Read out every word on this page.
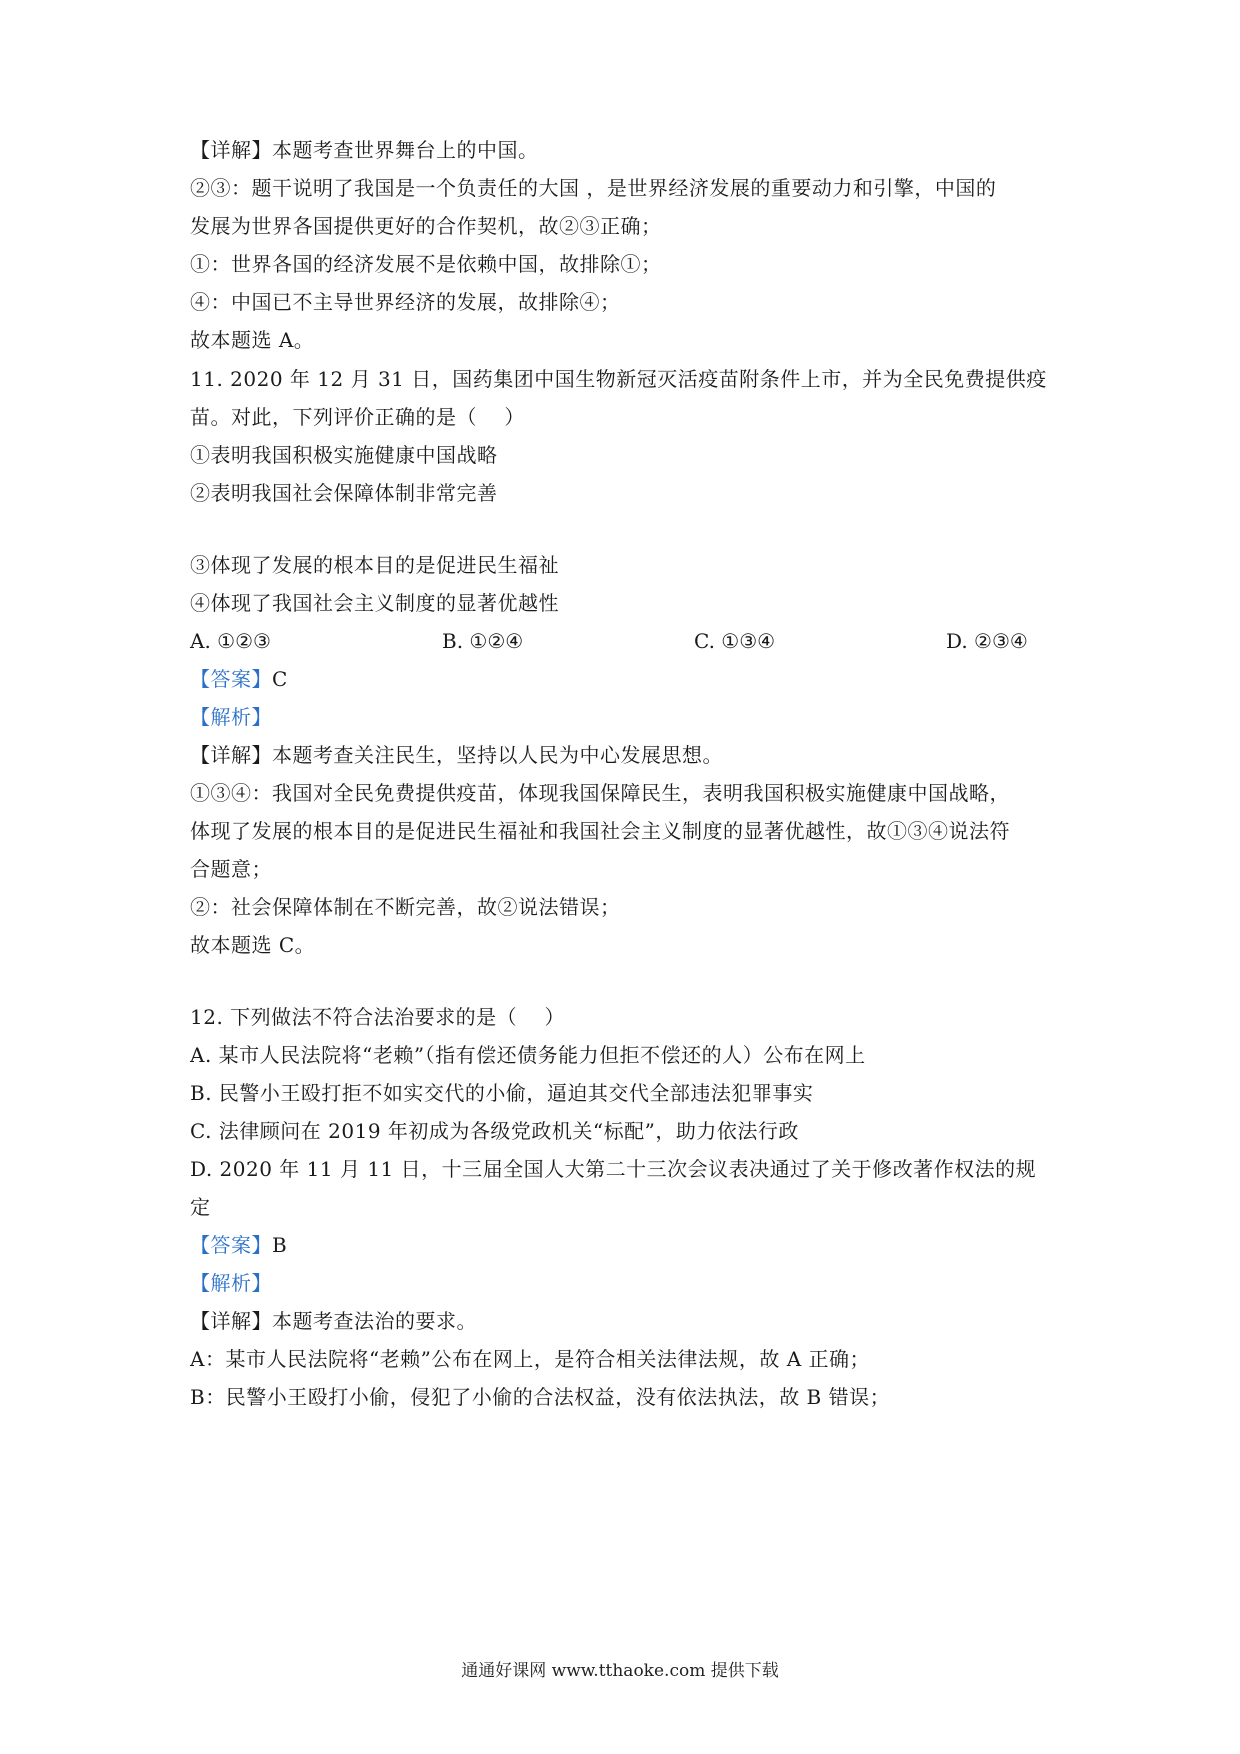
【详解】本题考查世界舞台上的中国。
②③：题干说明了我国是一个负责任的大国 ，是世界经济发展的重要动力和引擎，中国的
发展为世界各国提供更好的合作契机，故②③正确；
①：世界各国的经济发展不是依赖中国，故排除①；
④：中国已不主导世界经济的发展，故排除④；
故本题选 A。
11. 2020 年 12 月 31 日，国药集团中国生物新冠灭活疫苗附条件上市，并为全民免费提供疫
苗。对此，下列评价正确的是（　 ）
①表明我国积极实施健康中国战略
②表明我国社会保障体制非常完善
③体现了发展的根本目的是促进民生福祉
④体现了我国社会主义制度的显著优越性
A. ①②③	B. ①②④	C. ①③④	D. ②③④
【答案】C
【解析】
【详解】本题考查关注民生，坚持以人民为中心发展思想。
①③④：我国对全民免费提供疫苗，体现我国保障民生，表明我国积极实施健康中国战略，
体现了发展的根本目的是促进民生福祉和我国社会主义制度的显著优越性，故①③④说法符
合题意；
②：社会保障体制在不断完善，故②说法错误；
故本题选 C。
12. 下列做法不符合法治要求的是（　 ）
A. 某市人民法院将“老赖”（指有偿还债务能力但拒不偿还的人）公布在网上
B. 民警小王殴打拒不如实交代的小偷，逼迫其交代全部违法犯罪事实
C. 法律顾问在 2019 年初成为各级党政机关“标配”，助力依法行政
D. 2020 年 11 月 11 日，十三届全国人大第二十三次会议表决通过了关于修改著作权法的规
定
【答案】B
【解析】
【详解】本题考查法治的要求。
A：某市人民法院将“老赖”公布在网上，是符合相关法律法规，故 A 正确；
B：民警小王殴打小偷，侵犯了小偷的合法权益，没有依法执法，故 B 错误；
通通好课网 www.tthaoke.com 提供下载
